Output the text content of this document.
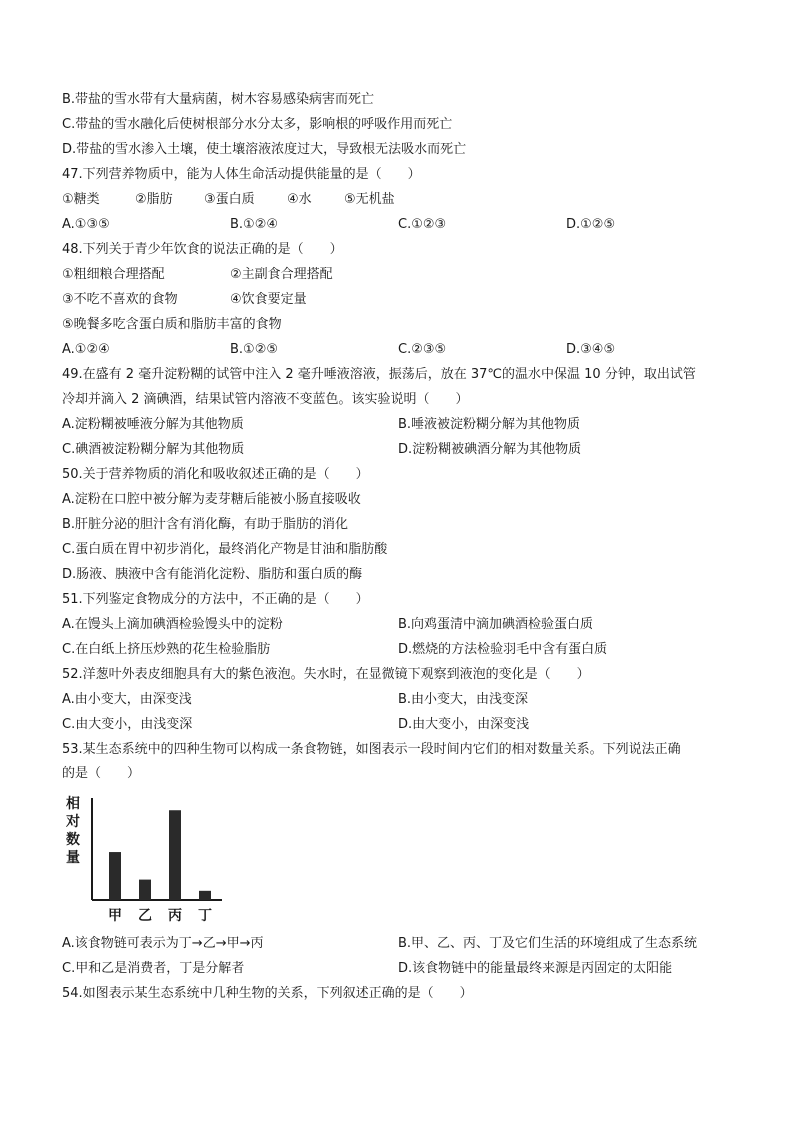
B.带盐的雪水带有大量病菌，树木容易感染病害而死亡
C.带盐的雪水融化后使树根部分水分太多，影响根的呼吸作用而死亡
D.带盐的雪水渗入土壤，使土壤溶液浓度过大，导致根无法吸水而死亡
47.下列营养物质中，能为人体生命活动提供能量的是（　　）
①糖类	②脂肪 ③蛋白质 ④水 ⑤无机盐
A.①③⑤	B.①②④	C.①②③	D.①②⑤
48.下列关于青少年饮食的说法正确的是（　　）
①粗细粮合理搭配	②主副食合理搭配
③不吃不喜欢的食物	④饮食要定量
⑤晚餐多吃含蛋白质和脂肪丰富的食物
A.①②④	B.①②⑤	C.②③⑤	D.③④⑤
49.在盛有 2 毫升淀粉糊的试管中注入 2 毫升唾液溶液，振荡后，放在 37℃的温水中保温 10 分钟，取出试管
冷却并滴入 2 滴碘酒，结果试管内溶液不变蓝色。该实验说明（　　）
A.淀粉糊被唾液分解为其他物质	B.唾液被淀粉糊分解为其他物质
C.碘酒被淀粉糊分解为其他物质	D.淀粉糊被碘酒分解为其他物质
50.关于营养物质的消化和吸收叙述正确的是（　　）
A.淀粉在口腔中被分解为麦芽糖后能被小肠直接吸收
B.肝脏分泌的胆汁含有消化酶，有助于脂肪的消化
C.蛋白质在胃中初步消化，最终消化产物是甘油和脂肪酸
D.肠液、胰液中含有能消化淀粉、脂肪和蛋白质的酶
51.下列鉴定食物成分的方法中，不正确的是（　　）
A.在馒头上滴加碘酒检验馒头中的淀粉	B.向鸡蛋清中滴加碘酒检验蛋白质
C.在白纸上挤压炒熟的花生检验脂肪	D.燃烧的方法检验羽毛中含有蛋白质
52.洋葱叶外表皮细胞具有大的紫色液泡。失水时，在显微镜下观察到液泡的变化是（　　）
A.由小变大，由深变浅	B.由小变大，由浅变深
C.由大变小，由浅变深	D.由大变小，由深变浅
53.某生态系统中的四种生物可以构成一条食物链，如图表示一段时间内它们的相对数量关系。下列说法正确
的是（　　）
相对数量
甲 乙 丙 丁
A.该食物链可表示为丁→乙→甲→丙	B.甲、乙、丙、丁及它们生活的环境组成了生态系统
C.甲和乙是消费者，丁是分解者	D.该食物链中的能量最终来源是丙固定的太阳能
54.如图表示某生态系统中几种生物的关系，下列叙述正确的是（　　）
